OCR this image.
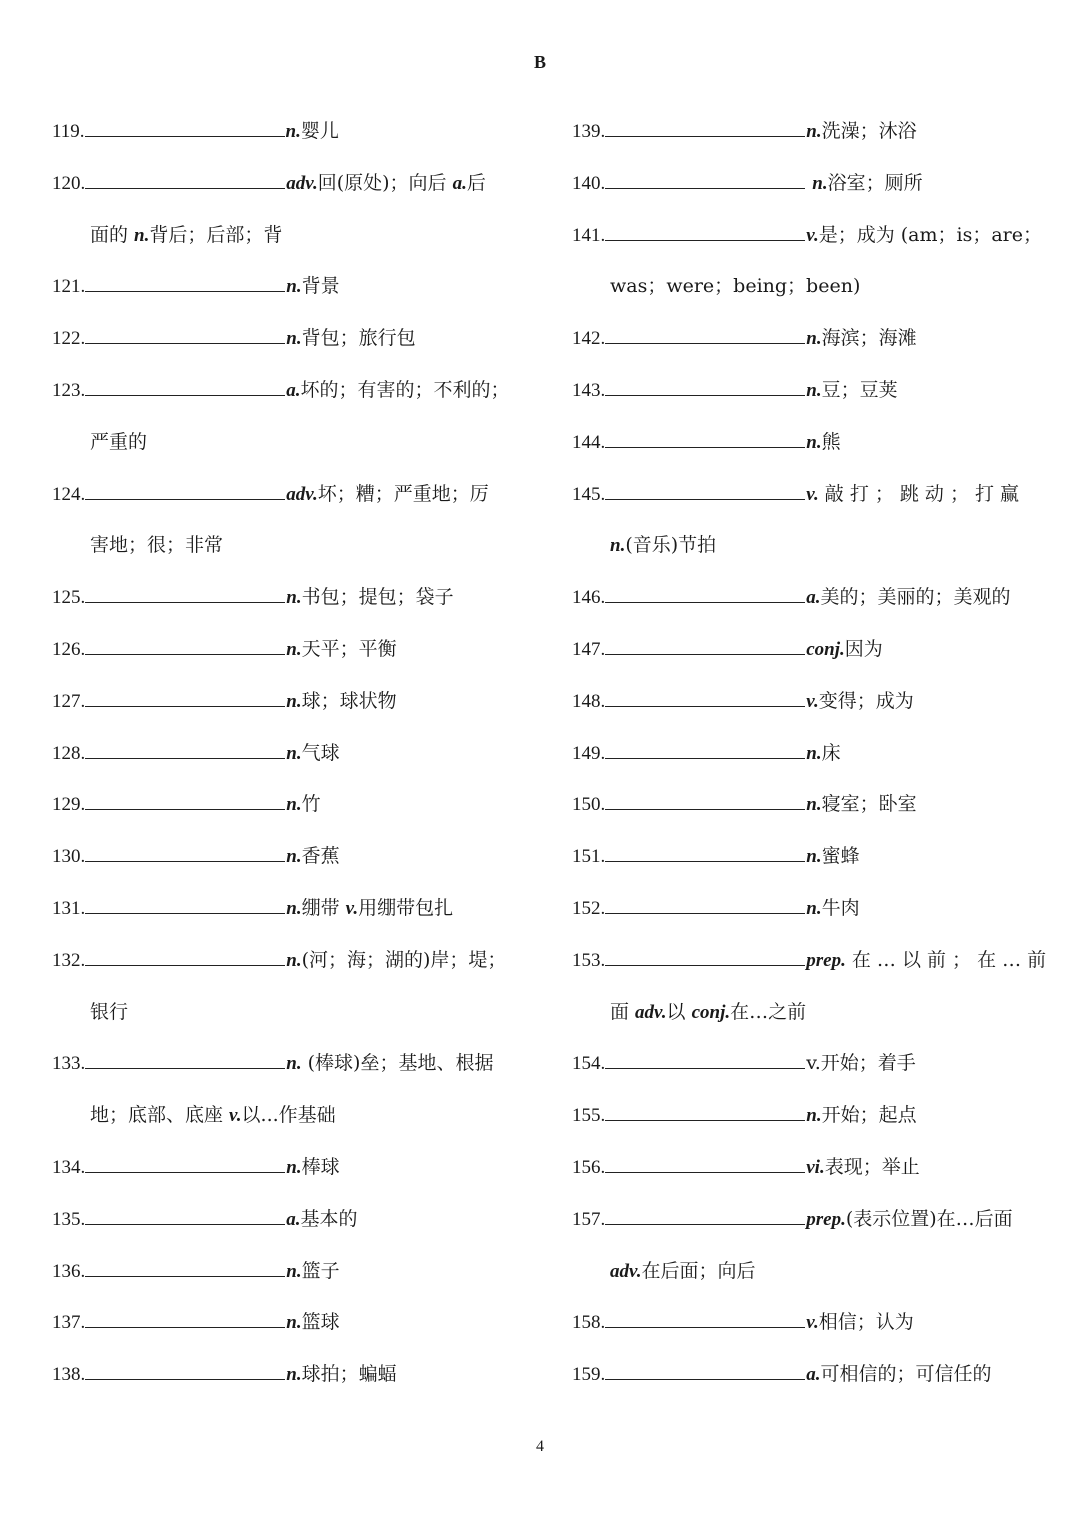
B
119.	n.婴儿
120.	adv.回(原处)；向后 a.后
面的 n.背后；后部；背
121.	n.背景
122.	n.背包；旅行包
123.	a.坏的；有害的；不利的；
严重的
124.	adv.坏；糟；严重地；厉
害地；很；非常
125.	n.书包；提包；袋子
126.	n.天平；平衡
127.	n.球；球状物
128.	n.气球
129.	n.竹
130.	n.香蕉
131.	n.绷带 v.用绷带包扎
132.	n.(河；海；湖的)岸；堤；
银行
133.	n. (棒球)垒；基地、根据
地；底部、底座 v.以...作基础
134.	n.棒球
135.	a.基本的
136.	n.篮子
137.	n.篮球
138.	n.球拍；蝙蝠
139.	n.洗澡；沐浴
140.	n.浴室；厕所
141.	v.是；成为 (am；is；are；
was；were；being；been)
142.	n.海滨；海滩
143.	n.豆；豆荚
144.	n.熊
145.	v. 敲 打 ； 跳 动 ； 打 赢
n.(音乐)节拍
146.	a.美的；美丽的；美观的
147.	conj.因为
148.	v.变得；成为
149.	n.床
150.	n.寝室；卧室
151.	n.蜜蜂
152.	n.牛肉
153.	prep. 在 … 以 前 ； 在 … 前
面 adv.以 conj.在…之前
154.	v.开始；着手
155.	n.开始；起点
156.	vi.表现；举止
157.	prep.(表示位置)在…后面
adv.在后面；向后
158.	v.相信；认为
159.	a.可相信的；可信任的
4
